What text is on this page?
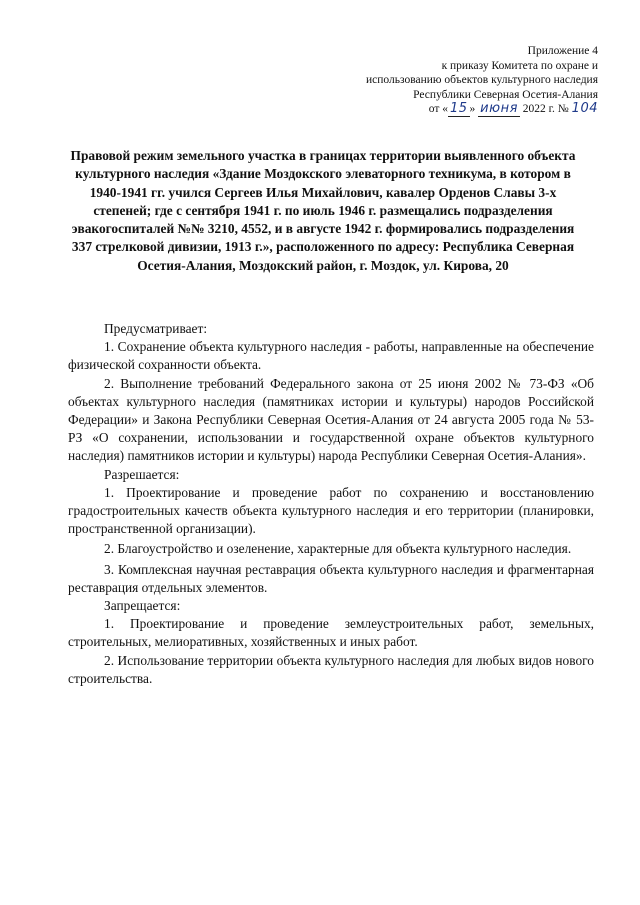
Приложение 4
к приказу Комитета по охране и
использованию объектов культурного наследия
Республики Северная Осетия-Алания
от « 15 » июня 2022 г. № 104
Правовой режим земельного участка в границах территории выявленного объекта культурного наследия «Здание Моздокского элеваторного техникума, в котором в 1940-1941 гг. учился Сергеев Илья Михайлович, кавалер Орденов Славы 3-х степеней; где с сентября 1941 г. по июль 1946 г. размещались подразделения эвакогоспиталей №№ 3210, 4552, и в августе 1942 г. формировались подразделения 337 стрелковой дивизии, 1913 г.», расположенного по адресу: Республика Северная Осетия-Алания, Моздокский район, г. Моздок, ул. Кирова, 20

Предусматривает:

1. Сохранение объекта культурного наследия - работы, направленные на обеспечение физической сохранности объекта.

2. Выполнение требований Федерального закона от 25 июня 2002 № 73-ФЗ «Об объектах культурного наследия (памятниках истории и культуры) народов Российской Федерации» и Закона Республики Северная Осетия-Алания от 24 августа 2005 года № 53-РЗ «О сохранении, использовании и государственной охране объектов культурного наследия) памятников истории и культуры) народа Республики Северная Осетия-Алания».

Разрешается:

1. Проектирование и проведение работ по сохранению и восстановлению градостроительных качеств объекта культурного наследия и его территории (планировки, пространственной организации).

2. Благоустройство и озеленение, характерные для объекта культурного наследия.

3. Комплексная научная реставрация объекта культурного наследия и фрагментарная реставрация отдельных элементов.

Запрещается:

1. Проектирование и проведение землеустроительных работ, земельных, строительных, мелиоративных, хозяйственных и иных работ.

2. Использование территории объекта культурного наследия для любых видов нового строительства.
